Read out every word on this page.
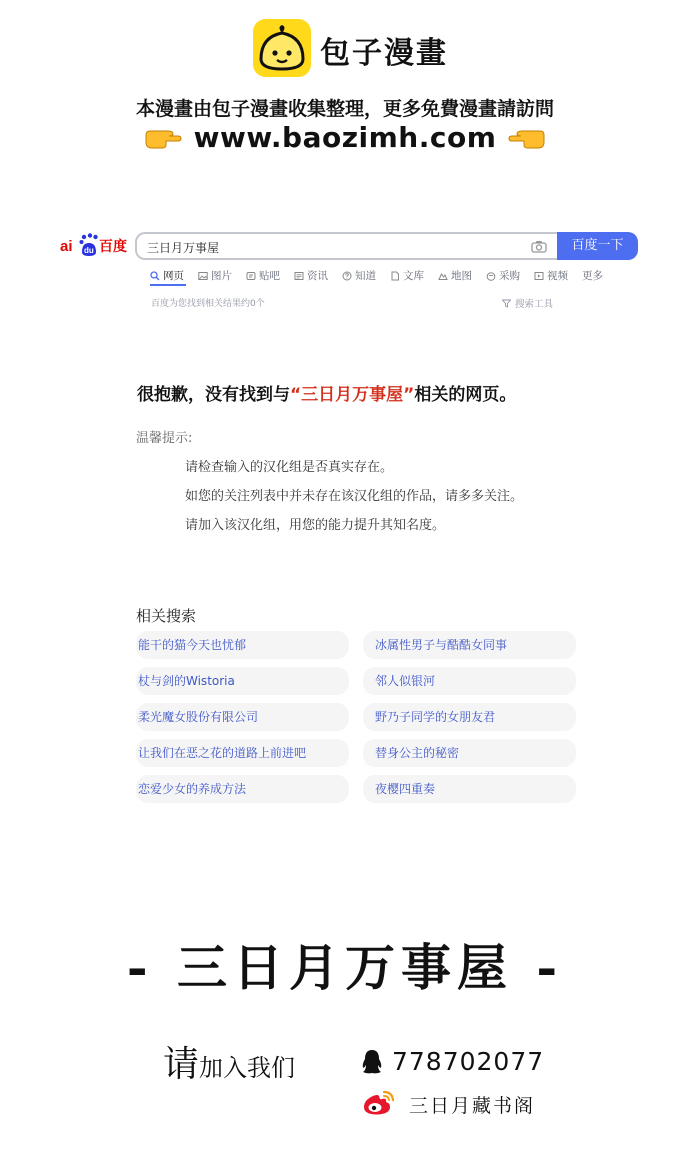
包子漫畫
本漫畫由包子漫畫收集整理，更多免費漫畫請訪問
www.baozimh.com
ai du 百度 三日月万事屋	百度一下
网页	图片	贴吧	资讯	知道	文库	地图	采购	视频 更多
百度为您找到相关结果约0个	搜索工具
很抱歉，没有找到与“三日月万事屋”相关的网页。
温馨提示:
请检查输入的汉化组是否真实存在。
如您的关注列表中并未存在该汉化组的作品，请多多关注。
请加入该汉化组，用您的能力提升其知名度。
相关搜索
能干的猫今天也忧郁	冰属性男子与酷酷女同事
杖与剑的Wistoria	邻人似银河
柔光魔女股份有限公司	野乃子同学的女朋友君
让我们在恶之花的道路上前进吧	替身公主的秘密
恋爱少女的养成方法	夜樱四重奏
- 三日月万事屋 -
请加入我们	778702077
三日月藏书阁
